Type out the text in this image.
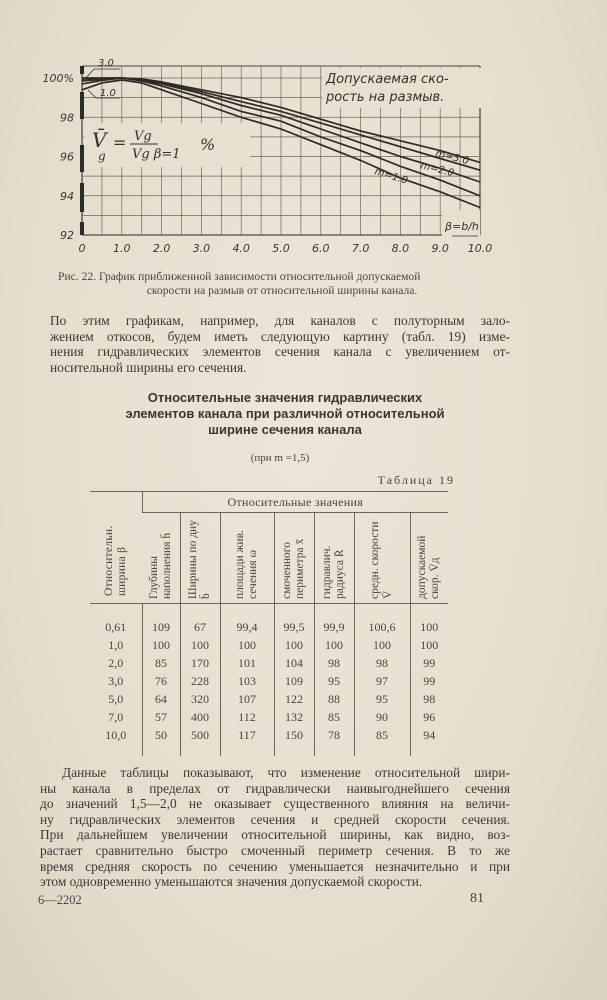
92
94
96
98
100%
0	1.0 2.0 3.0 4.0 5.0 6.0 7.0 8.0 9.0 10.0
V̄
g
= Vg
Vg β=1
%
Допускаемая ско-
рость на размыв.
3.0
1.0
m=3.0
m=2.0
m=1.0
β=b/h
Рис. 22. График приближенной зависимости относительной допускаемой
скорости на размыв от относительной ширины канала.
По этим графикам, например, для каналов с полуторным зало-
жением откосов, будем иметь следующую картину (табл. 19) изме-
нения гидравлических элементов сечения канала с увеличением от-
носительной ширины его сечения.
Относительные значения гидравлических
элементов канала при различной относительной
ширине сечения канала
(при m =1,5)
Таблица 19
Относительн. ширина β	Относительные значения						
	Глубины наполнения h̄	Ширины по дну b̄	площади жив. сечения ω	смоченного периметра x̄	гидравлич. радиуса R̄	средн. скорости V̄	допускаемой скор. V̄д
0,61	109	67	99,4	99,5	99,9	100,6	100
1,0	100	100	100	100	100	100	100
2,0	85	170	101	104	98	98	99
3,0	76	228	103	109	95	97	99
5,0	64	320	107	122	88	95	98
7,0	57	400	112	132	85	90	96
10,0	50	500	117	150	78	85	94
Данные таблицы показывают, что изменение относительной шири-
ны канала в пределах от гидравлически наивыгоднейшего сечения
до значений 1,5—2,0 не оказывает существенного влияния на величи-
ну гидравлических элементов сечения и средней скорости сечения.
При дальнейшем увеличении относительной ширины, как видно, воз-
растает сравнительно быстро смоченный периметр сечения. В то же
время средняя скорость по сечению уменьшается незначительно и при
этом одновременно уменьшаются значения допускаемой скорости.
6—2202	81
